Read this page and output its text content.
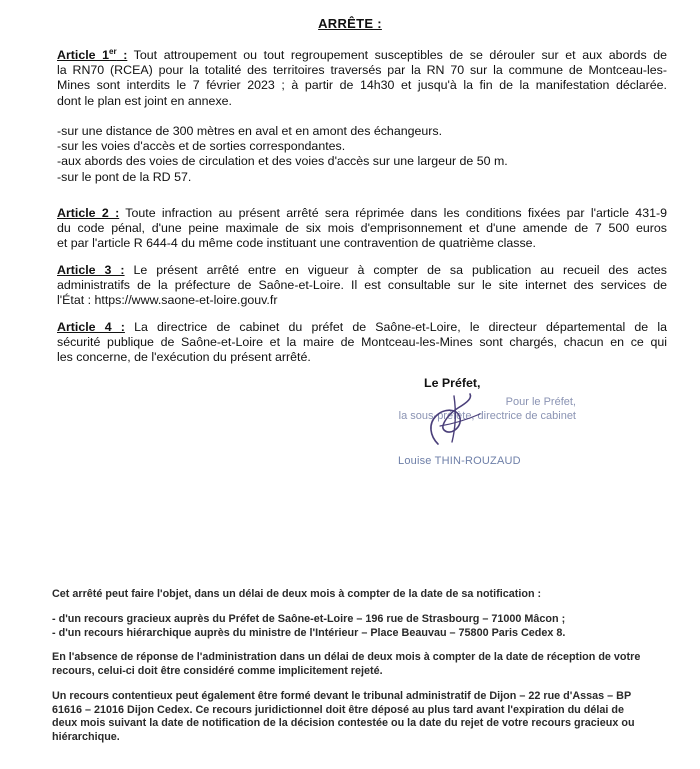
ARRÊTE :
Article 1er : Tout attroupement ou tout regroupement susceptibles de se dérouler sur et aux abords de
la RN70 (RCEA) pour la totalité des territoires traversés par la RN 70 sur la commune de Montceau-les-
Mines sont interdits le 7 février 2023 ; à partir de 14h30 et jusqu'à la fin de la manifestation déclarée.
dont le plan est joint en annexe.
-sur une distance de 300 mètres en aval et en amont des échangeurs.
-sur les voies d'accès et de sorties correspondantes.
-aux abords des voies de circulation et des voies d'accès sur une largeur de 50 m.
-sur le pont de la RD 57.
Article 2 : Toute infraction au présent arrêté sera réprimée dans les conditions fixées par l'article 431-9
du code pénal, d'une peine maximale de six mois d'emprisonnement et d'une amende de 7 500 euros
et par l'article R 644-4 du même code instituant une contravention de quatrième classe.
Article 3 : Le présent arrêté entre en vigueur à compter de sa publication au recueil des actes
administratifs de la préfecture de Saône-et-Loire. Il est consultable sur le site internet des services de
l'État : https://www.saone-et-loire.gouv.fr
Article 4 : La directrice de cabinet du préfet de Saône-et-Loire, le directeur départemental de la
sécurité publique de Saône-et-Loire et la maire de Montceau-les-Mines sont chargés, chacun en ce qui
les concerne, de l'exécution du présent arrêté.
Le Préfet,
Pour le Préfet,
la sous-préfète, directrice de cabinet
Louise THIN-ROUZAUD
Cet arrêté peut faire l'objet, dans un délai de deux mois à compter de la date de sa notification :
- d'un recours gracieux auprès du Préfet de Saône-et-Loire – 196 rue de Strasbourg – 71000 Mâcon ;
- d'un recours hiérarchique auprès du ministre de l'Intérieur – Place Beauvau – 75800 Paris Cedex 8.
En l'absence de réponse de l'administration dans un délai de deux mois à compter de la date de réception de votre
recours, celui-ci doit être considéré comme implicitement rejeté.
Un recours contentieux peut également être formé devant le tribunal administratif de Dijon – 22 rue d'Assas – BP
61616 – 21016 Dijon Cedex. Ce recours juridictionnel doit être déposé au plus tard avant l'expiration du délai de
deux mois suivant la date de notification de la décision contestée ou la date du rejet de votre recours gracieux ou
hiérarchique.
